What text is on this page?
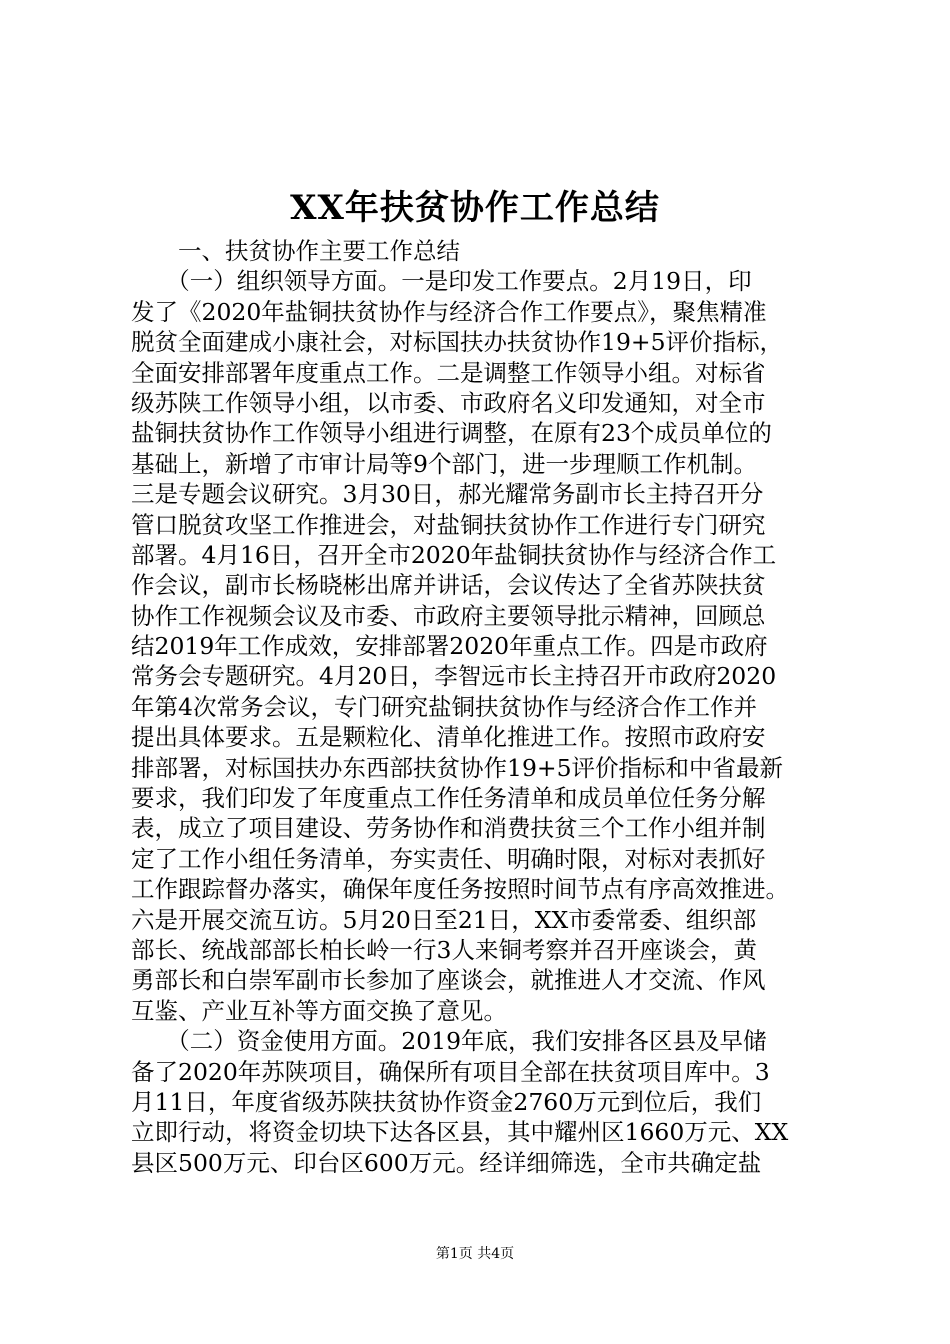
XX年扶贫协作工作总结
　　一、扶贫协作主要工作总结
　　（一）组织领导方面。一是印发工作要点。2月19日，印
发了《2020年盐铜扶贫协作与经济合作工作要点》，聚焦精准
脱贫全面建成小康社会，对标国扶办扶贫协作19+5评价指标，
全面安排部署年度重点工作。二是调整工作领导小组。对标省
级苏陕工作领导小组，以市委、市政府名义印发通知，对全市
盐铜扶贫协作工作领导小组进行调整，在原有23个成员单位的
基础上，新增了市审计局等9个部门，进一步理顺工作机制。
三是专题会议研究。3月30日，郝光耀常务副市长主持召开分
管口脱贫攻坚工作推进会，对盐铜扶贫协作工作进行专门研究
部署。4月16日，召开全市2020年盐铜扶贫协作与经济合作工
作会议，副市长杨晓彬出席并讲话，会议传达了全省苏陕扶贫
协作工作视频会议及市委、市政府主要领导批示精神，回顾总
结2019年工作成效，安排部署2020年重点工作。四是市政府
常务会专题研究。4月20日，李智远市长主持召开市政府2020
年第4次常务会议，专门研究盐铜扶贫协作与经济合作工作并
提出具体要求。五是颗粒化、清单化推进工作。按照市政府安
排部署，对标国扶办东西部扶贫协作19+5评价指标和中省最新
要求，我们印发了年度重点工作任务清单和成员单位任务分解
表，成立了项目建设、劳务协作和消费扶贫三个工作小组并制
定了工作小组任务清单，夯实责任、明确时限，对标对表抓好
工作跟踪督办落实，确保年度任务按照时间节点有序高效推进。
六是开展交流互访。5月20日至21日，XX市委常委、组织部
部长、统战部部长柏长岭一行3人来铜考察并召开座谈会，黄
勇部长和白崇军副市长参加了座谈会，就推进人才交流、作风
互鉴、产业互补等方面交换了意见。
　　（二）资金使用方面。2019年底，我们安排各区县及早储
备了2020年苏陕项目，确保所有项目全部在扶贫项目库中。3
月11日，年度省级苏陕扶贫协作资金2760万元到位后，我们
立即行动，将资金切块下达各区县，其中耀州区1660万元、XX
县区500万元、印台区600万元。经详细筛选，全市共确定盐
第1页 共4页
